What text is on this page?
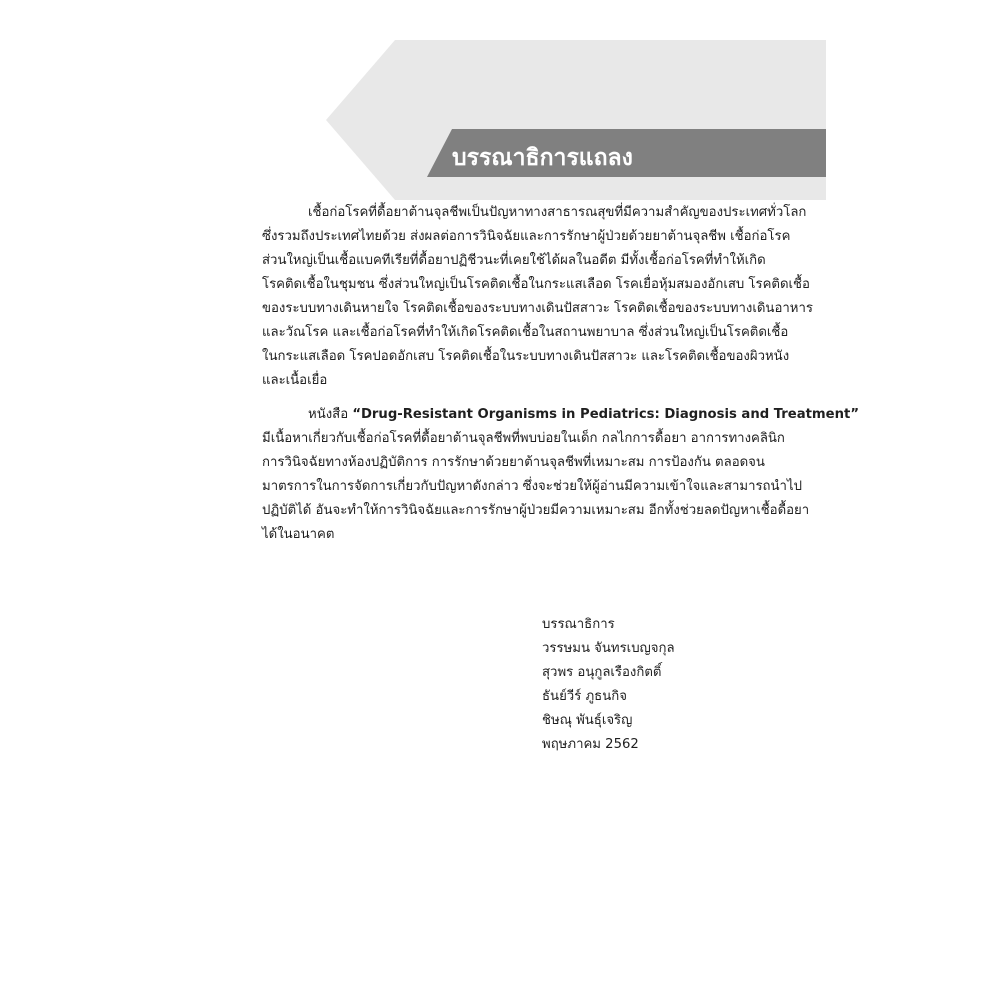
บรรณาธิการแถลง
เชื้อก่อโรคที่ดื้อยาต้านจุลชีพเป็นปัญหาทางสาธารณสุขที่มีความสำคัญของประเทศทั่วโลก
ซึ่งรวมถึงประเทศไทยด้วย ส่งผลต่อการวินิจฉัยและการรักษาผู้ป่วยด้วยยาต้านจุลชีพ เชื้อก่อโรค
ส่วนใหญ่เป็นเชื้อแบคทีเรียที่ดื้อยาปฏิชีวนะที่เคยใช้ได้ผลในอดีต มีทั้งเชื้อก่อโรคที่ทำให้เกิด
โรคติดเชื้อในชุมชน ซึ่งส่วนใหญ่เป็นโรคติดเชื้อในกระแสเลือด โรคเยื่อหุ้มสมองอักเสบ โรคติดเชื้อ
ของระบบทางเดินหายใจ โรคติดเชื้อของระบบทางเดินปัสสาวะ โรคติดเชื้อของระบบทางเดินอาหาร
และวัณโรค และเชื้อก่อโรคที่ทำให้เกิดโรคติดเชื้อในสถานพยาบาล ซึ่งส่วนใหญ่เป็นโรคติดเชื้อ
ในกระแสเลือด โรคปอดอักเสบ โรคติดเชื้อในระบบทางเดินปัสสาวะ และโรคติดเชื้อของผิวหนัง
และเนื้อเยื่อ
หนังสือ “Drug-Resistant Organisms in Pediatrics: Diagnosis and Treatment”
มีเนื้อหาเกี่ยวกับเชื้อก่อโรคที่ดื้อยาต้านจุลชีพที่พบบ่อยในเด็ก กลไกการดื้อยา อาการทางคลินิก
การวินิจฉัยทางห้องปฏิบัติการ การรักษาด้วยยาต้านจุลชีพที่เหมาะสม การป้องกัน ตลอดจน
มาตรการในการจัดการเกี่ยวกับปัญหาดังกล่าว ซึ่งจะช่วยให้ผู้อ่านมีความเข้าใจและสามารถนำไป
ปฏิบัติได้ อันจะทำให้การวินิจฉัยและการรักษาผู้ป่วยมีความเหมาะสม อีกทั้งช่วยลดปัญหาเชื้อดื้อยา
ได้ในอนาคต
บรรณาธิการ
วรรษมน จันทรเบญจกุล
สุวพร อนุกูลเรืองกิตติ์
ธันย์วีร์ ภูธนกิจ
ชิษณุ พันธุ์เจริญ
พฤษภาคม 2562
